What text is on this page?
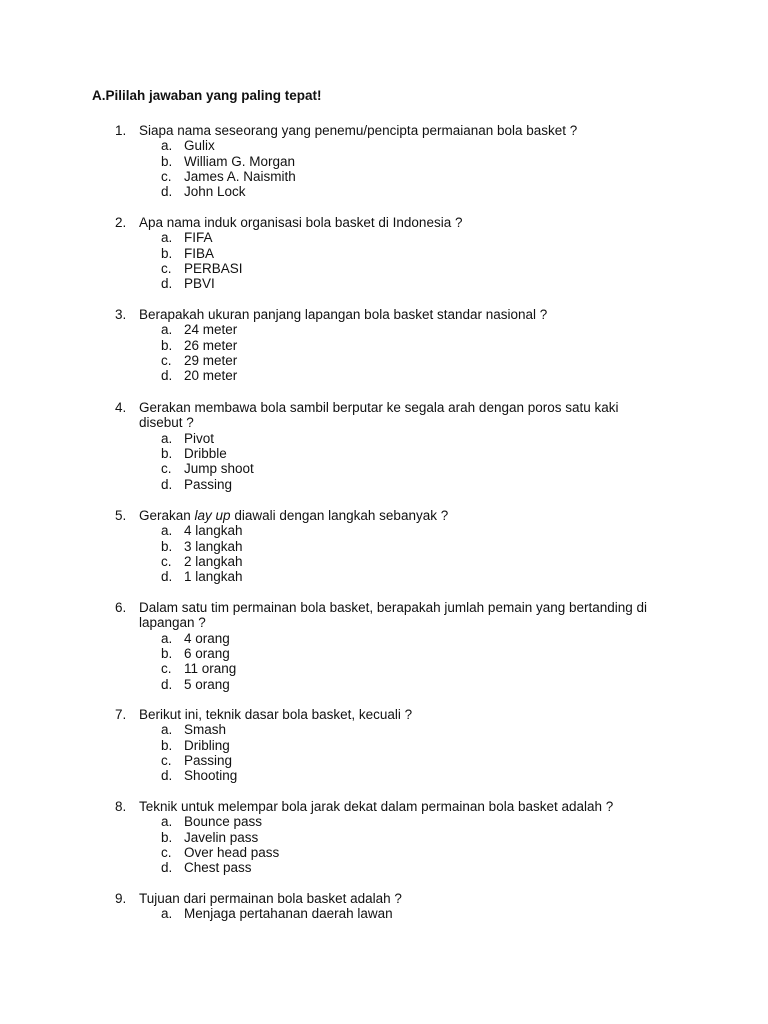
A.Pililah jawaban yang paling tepat!
1. Siapa nama seseorang yang penemu/pencipta permaianan bola basket ?
a. Gulix
b. William G. Morgan
c. James A. Naismith
d. John Lock
2. Apa nama induk organisasi bola basket di Indonesia ?
a. FIFA
b. FIBA
c. PERBASI
d. PBVI
3. Berapakah ukuran panjang lapangan bola basket standar nasional ?
a. 24 meter
b. 26 meter
c. 29 meter
d. 20 meter
4. Gerakan membawa bola sambil berputar ke segala arah dengan poros satu kaki
disebut ?
a. Pivot
b. Dribble
c. Jump shoot
d. Passing
5. Gerakan lay up diawali dengan langkah sebanyak ?
a. 4 langkah
b. 3 langkah
c. 2 langkah
d. 1 langkah
6. Dalam satu tim permainan bola basket, berapakah jumlah pemain yang bertanding di
lapangan ?
a. 4 orang
b. 6 orang
c. 11 orang
d. 5 orang
7. Berikut ini, teknik dasar bola basket, kecuali ?
a. Smash
b. Dribling
c. Passing
d. Shooting
8. Teknik untuk melempar bola jarak dekat dalam permainan bola basket adalah ?
a. Bounce pass
b. Javelin pass
c. Over head pass
d. Chest pass
9. Tujuan dari permainan bola basket adalah ?
a. Menjaga pertahanan daerah lawan
